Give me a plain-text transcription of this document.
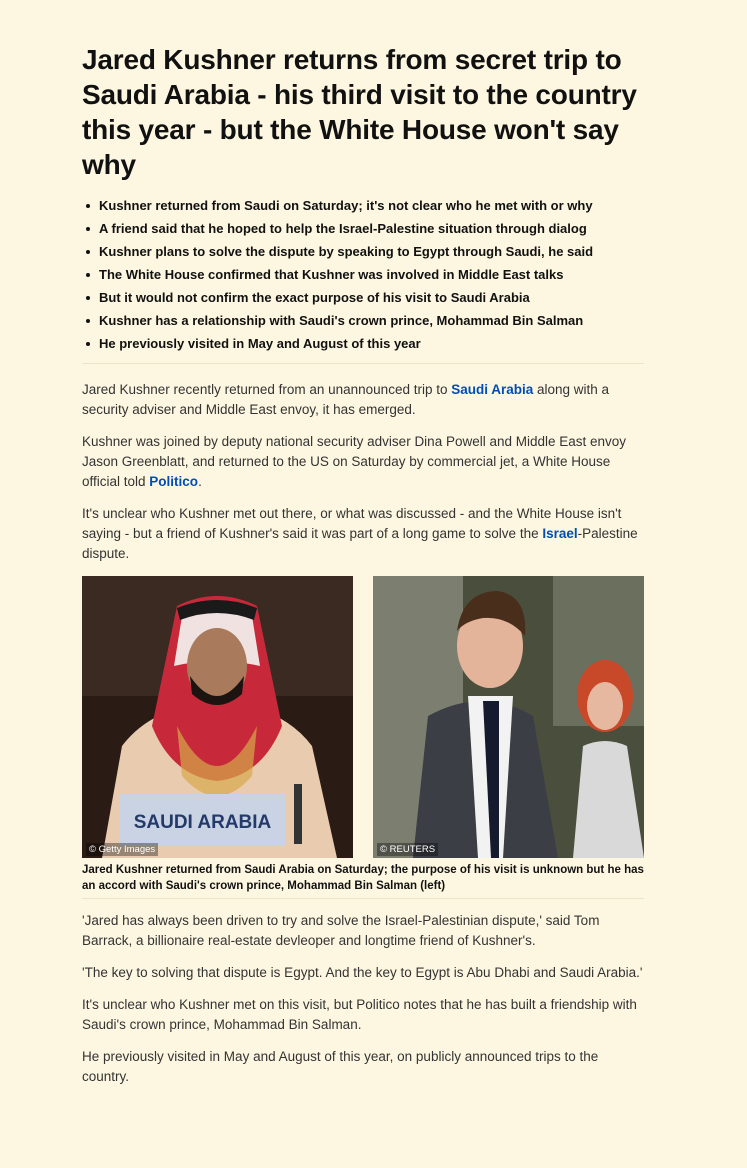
Jared Kushner returns from secret trip to Saudi Arabia - his third visit to the country this year - but the White House won't say why
Kushner returned from Saudi on Saturday; it's not clear who he met with or why
A friend said that he hoped to help the Israel-Palestine situation through dialog
Kushner plans to solve the dispute by speaking to Egypt through Saudi, he said
The White House confirmed that Kushner was involved in Middle East talks
But it would not confirm the exact purpose of his visit to Saudi Arabia
Kushner has a relationship with Saudi's crown prince, Mohammad Bin Salman
He previously visited in May and August of this year

Jared Kushner recently returned from an unannounced trip to Saudi Arabia along with a security adviser and Middle East envoy, it has emerged.

Kushner was joined by deputy national security adviser Dina Powell and Middle East envoy Jason Greenblatt, and returned to the US on Saturday by commercial jet, a White House official told Politico.

It's unclear who Kushner met out there, or what was discussed - and the White House isn't saying - but a friend of Kushner's said it was part of a long game to solve the Israel-Palestine dispute.

SAUDI ARABIA
© Getty Images	© REUTERS

Jared Kushner returned from Saudi Arabia on Saturday; the purpose of his visit is unknown but he has an accord with Saudi's crown prince, Mohammad Bin Salman (left)

'Jared has always been driven to try and solve the Israel-Palestinian dispute,' said Tom Barrack, a billionaire real-estate devleoper and longtime friend of Kushner's.

'The key to solving that dispute is Egypt. And the key to Egypt is Abu Dhabi and Saudi Arabia.'

It's unclear who Kushner met on this visit, but Politico notes that he has built a friendship with Saudi's crown prince, Mohammad Bin Salman.

He previously visited in May and August of this year, on publicly announced trips to the country.
